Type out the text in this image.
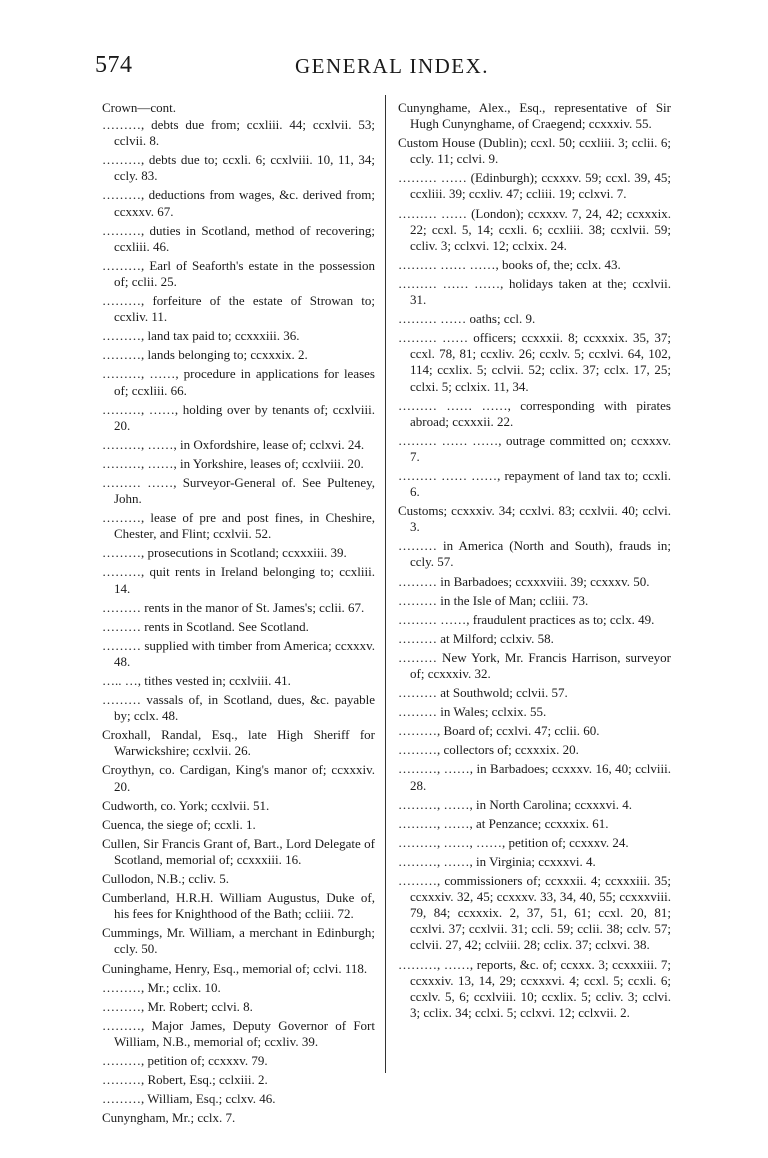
574	GENERAL INDEX.

Crown—cont.

………, debts due from; ccxliii. 44; ccxlvii. 53; cclvii. 8.

………, debts due to; ccxli. 6; ccxlviii. 10, 11, 34; ccly. 83.

………, deductions from wages, &c. derived from; ccxxxv. 67.

………, duties in Scotland, method of recovering; ccxliii. 46.

………, Earl of Seaforth's estate in the possession of; cclii. 25.

………, forfeiture of the estate of Strowan to; ccxliv. 11.

………, land tax paid to; ccxxxiii. 36.

………, lands belonging to; ccxxxix. 2.

………, ……, procedure in applications for leases of; ccxliii. 66.

………, ……, holding over by tenants of; ccxlviii. 20.

………, ……, in Oxfordshire, lease of; cclxvi. 24.

………, ……, in Yorkshire, leases of; ccxlviii. 20.

……… ……, Surveyor-General of. See Pulteney, John.

………, lease of pre and post fines, in Cheshire, Chester, and Flint; ccxlvii. 52.

………, prosecutions in Scotland; ccxxxiii. 39.

………, quit rents in Ireland belonging to; ccxliii. 14.

……… rents in the manor of St. James's; cclii. 67.

……… rents in Scotland. See Scotland.

……… supplied with timber from America; ccxxxv. 48.

….. …, tithes vested in; ccxlviii. 41.

……… vassals of, in Scotland, dues, &c. payable by; cclx. 48.

Croxhall, Randal, Esq., late High Sheriff for Warwickshire; ccxlvii. 26.

Croythyn, co. Cardigan, King's manor of; ccxxxiv. 20.

Cudworth, co. York; ccxlvii. 51.

Cuenca, the siege of; ccxli. 1.

Cullen, Sir Francis Grant of, Bart., Lord Delegate of Scotland, memorial of; ccxxxiii. 16.

Cullodon, N.B.; ccliv. 5.

Cumberland, H.R.H. William Augustus, Duke of, his fees for Knighthood of the Bath; ccliii. 72.

Cummings, Mr. William, a merchant in Edinburgh; ccly. 50.

Cuninghame, Henry, Esq., memorial of; cclvi. 118.

………, Mr.; cclix. 10.

………, Mr. Robert; cclvi. 8.

………, Major James, Deputy Governor of Fort William, N.B., memorial of; ccxliv. 39.

………, petition of; ccxxxv. 79.

………, Robert, Esq.; cclxiii. 2.

………, William, Esq.; cclxv. 46.

Cunyngham, Mr.; cclx. 7.

Cunynghame, Alex., Esq., representative of Sir Hugh Cunynghame, of Craegend; ccxxxiv. 55.

Custom House (Dublin); ccxl. 50; ccxliii. 3; cclii. 6; ccly. 11; cclvi. 9.

……… …… (Edinburgh); ccxxxv. 59; ccxl. 39, 45; ccxliii. 39; ccxliv. 47; ccliii. 19; cclxvi. 7.

……… …… (London); ccxxxv. 7, 24, 42; ccxxxix. 22; ccxl. 5, 14; ccxli. 6; ccxliii. 38; ccxlvii. 59; ccliv. 3; cclxvi. 12; cclxix. 24.

……… …… ……, books of, the; cclx. 43.

……… …… ……, holidays taken at the; ccxlvii. 31.

……… …… oaths; ccl. 9.

……… …… officers; ccxxxii. 8; ccxxxix. 35, 37; ccxl. 78, 81; ccxliv. 26; ccxlv. 5; ccxlvi. 64, 102, 114; ccxlix. 5; cclvii. 52; cclix. 37; cclx. 17, 25; cclxi. 5; cclxix. 11, 34.

……… …… ……, corresponding with pirates abroad; ccxxxii. 22.

……… …… ……, outrage committed on; ccxxxv. 7.

……… …… ……, repayment of land tax to; ccxli. 6.

Customs; ccxxxiv. 34; ccxlvi. 83; ccxlvii. 40; cclvi. 3.

……… in America (North and South), frauds in; ccly. 57.

……… in Barbadoes; ccxxxviii. 39; ccxxxv. 50.

……… in the Isle of Man; ccliii. 73.

……… ……, fraudulent practices as to; cclx. 49.

……… at Milford; cclxiv. 58.

……… New York, Mr. Francis Harrison, surveyor of; ccxxxiv. 32.

……… at Southwold; cclvii. 57.

……… in Wales; cclxix. 55.

………, Board of; ccxlvi. 47; cclii. 60.

………, collectors of; ccxxxix. 20.

………, ……, in Barbadoes; ccxxxv. 16, 40; cclviii. 28.

………, ……, in North Carolina; ccxxxvi. 4.

………, ……, at Penzance; ccxxxix. 61.

………, ……, ……, petition of; ccxxxv. 24.

………, ……, in Virginia; ccxxxvi. 4.

………, commissioners of; ccxxxii. 4; ccxxxiii. 35; ccxxxiv. 32, 45; ccxxxv. 33, 34, 40, 55; ccxxxviii. 79, 84; ccxxxix. 2, 37, 51, 61; ccxl. 20, 81; ccxlvi. 37; ccxlvii. 31; ccli. 59; cclii. 38; cclv. 57; cclvii. 27, 42; cclviii. 28; cclix. 37; cclxvi. 38.

………, ……, reports, &c. of; ccxxx. 3; ccxxxiii. 7; ccxxxiv. 13, 14, 29; ccxxxvi. 4; ccxl. 5; ccxli. 6; ccxlv. 5, 6; ccxlviii. 10; ccxlix. 5; ccliv. 3; cclvi. 3; cclix. 34; cclxi. 5; cclxvi. 12; cclxvii. 2.
